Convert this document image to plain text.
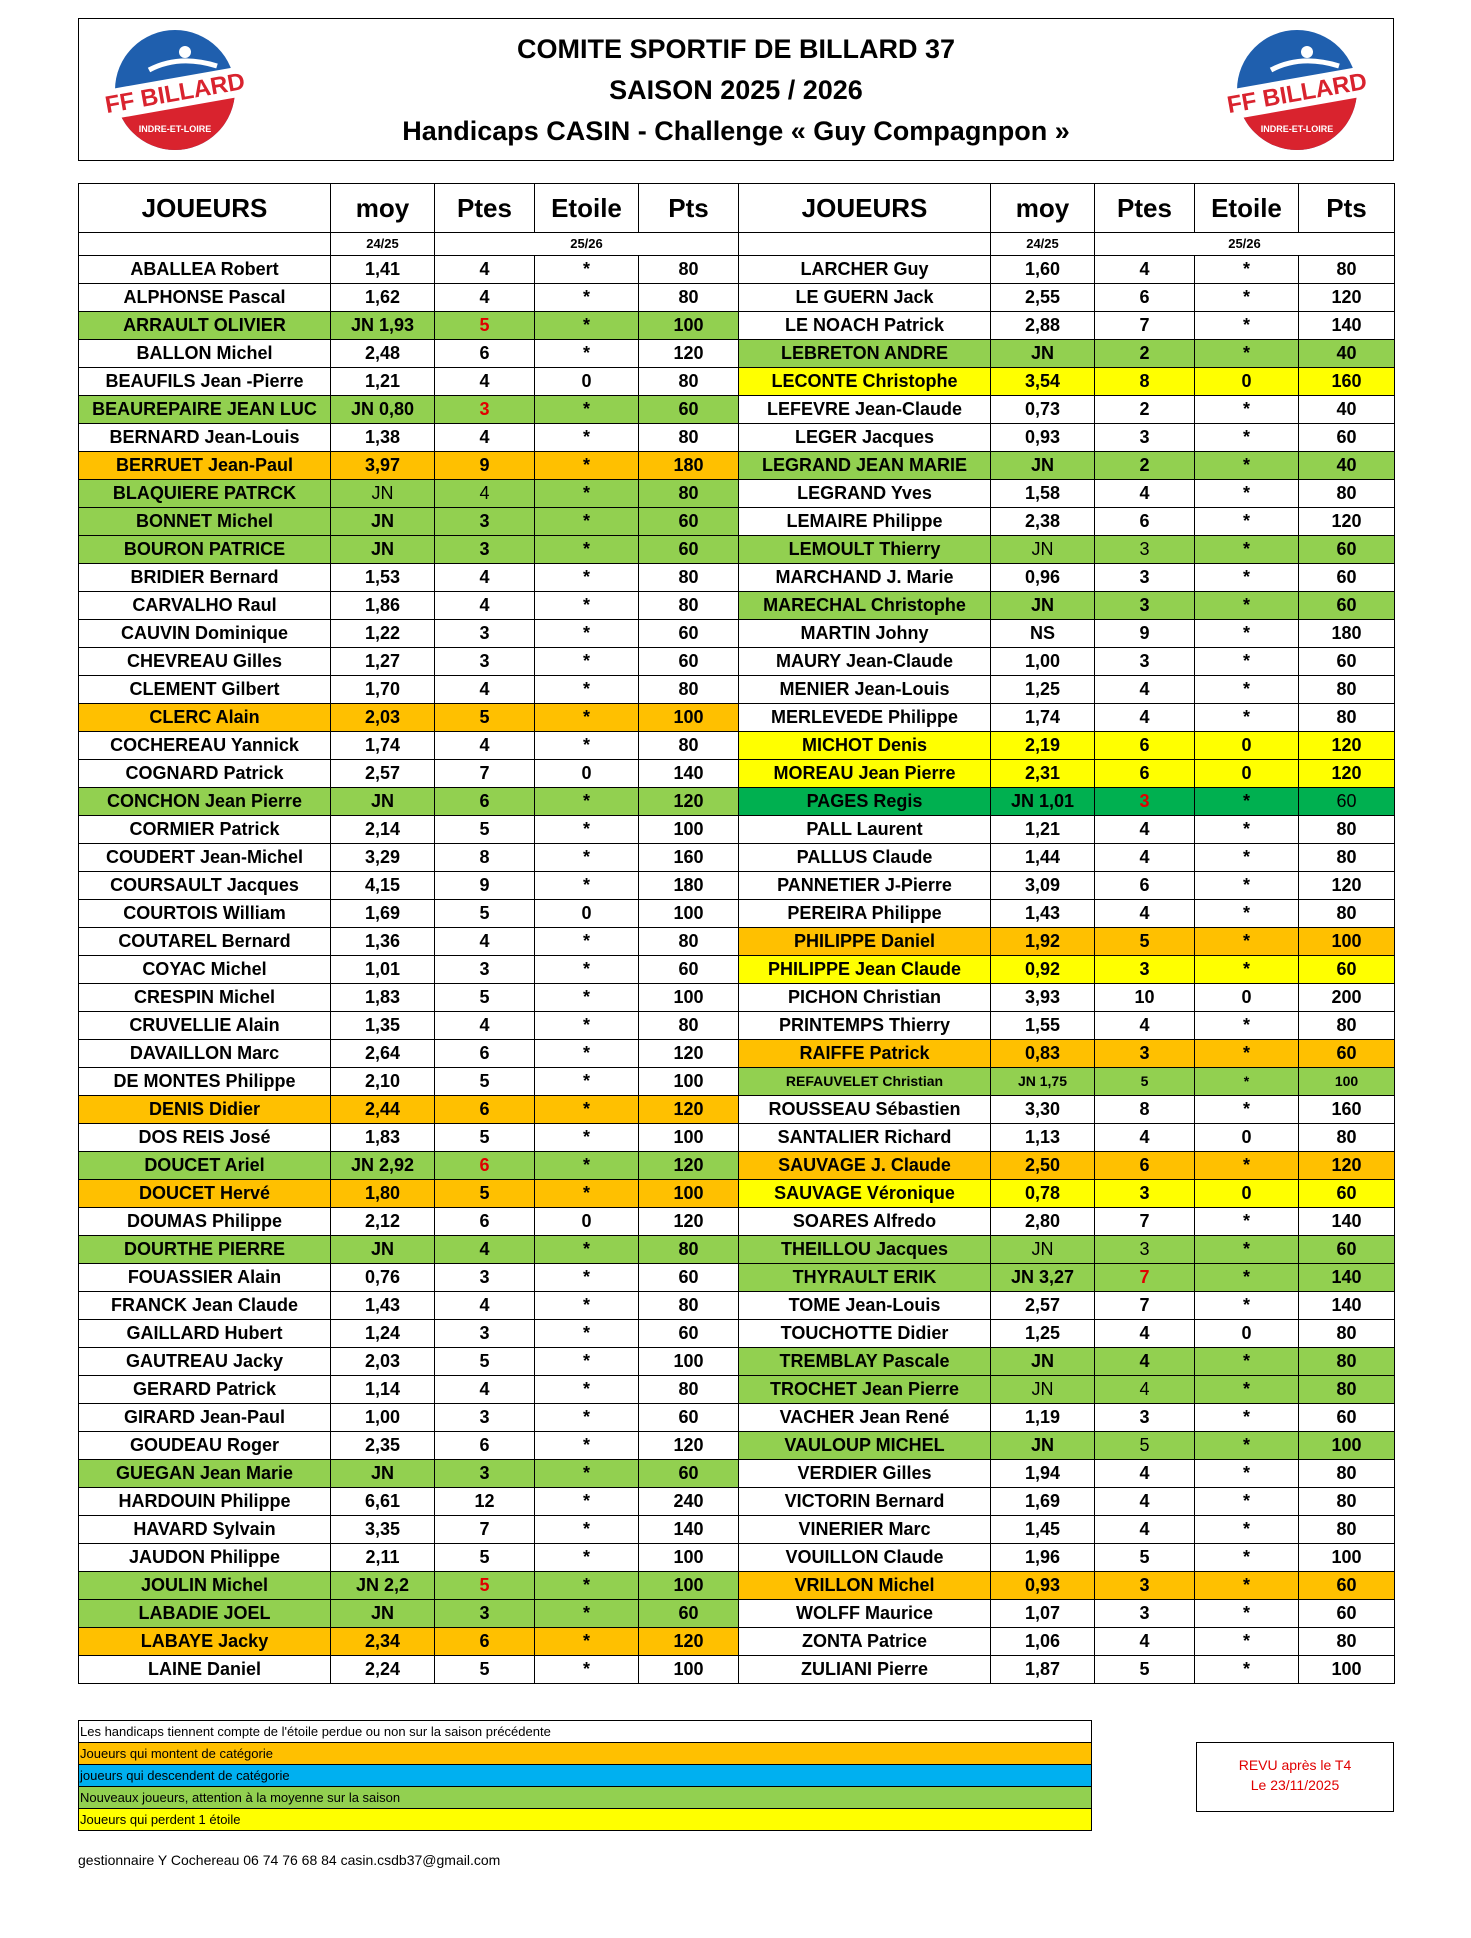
FF BILLARD
INDRE-ET-LOIRE
COMITE SPORTIF DE BILLARD 37
SAISON 2025 / 2026
Handicaps CASIN - Challenge « Guy Compagnpon »
FF BILLARD
INDRE-ET-LOIRE
JOUEURS	moy	Ptes	Etoile	Pts	JOUEURS	moy	Ptes	Etoile	Pts
	24/25	25/26				24/25	25/26		
ABALLEA Robert	1,41	4	*	80	LARCHER Guy	1,60	4	*	80
ALPHONSE Pascal	1,62	4	*	80	LE GUERN Jack	2,55	6	*	120
ARRAULT OLIVIER	JN 1,93	5	*	100	LE NOACH Patrick	2,88	7	*	140
BALLON Michel	2,48	6	*	120	LEBRETON ANDRE	JN	2	*	40
BEAUFILS Jean -Pierre	1,21	4	0	80	LECONTE Christophe	3,54	8	0	160
BEAUREPAIRE JEAN LUC	JN 0,80	3	*	60	LEFEVRE Jean-Claude	0,73	2	*	40
BERNARD Jean-Louis	1,38	4	*	80	LEGER Jacques	0,93	3	*	60
BERRUET Jean-Paul	3,97	9	*	180	LEGRAND JEAN MARIE	JN	2	*	40
BLAQUIERE PATRCK	JN	4	*	80	LEGRAND Yves	1,58	4	*	80
BONNET Michel	JN	3	*	60	LEMAIRE Philippe	2,38	6	*	120
BOURON PATRICE	JN	3	*	60	LEMOULT Thierry	JN	3	*	60
BRIDIER Bernard	1,53	4	*	80	MARCHAND J. Marie	0,96	3	*	60
CARVALHO Raul	1,86	4	*	80	MARECHAL Christophe	JN	3	*	60
CAUVIN Dominique	1,22	3	*	60	MARTIN Johny	NS	9	*	180
CHEVREAU Gilles	1,27	3	*	60	MAURY Jean-Claude	1,00	3	*	60
CLEMENT Gilbert	1,70	4	*	80	MENIER Jean-Louis	1,25	4	*	80
CLERC Alain	2,03	5	*	100	MERLEVEDE Philippe	1,74	4	*	80
COCHEREAU Yannick	1,74	4	*	80	MICHOT Denis	2,19	6	0	120
COGNARD Patrick	2,57	7	0	140	MOREAU Jean Pierre	2,31	6	0	120
CONCHON Jean Pierre	JN	6	*	120	PAGES Regis	JN 1,01	3	*	60
CORMIER Patrick	2,14	5	*	100	PALL Laurent	1,21	4	*	80
COUDERT Jean-Michel	3,29	8	*	160	PALLUS Claude	1,44	4	*	80
COURSAULT Jacques	4,15	9	*	180	PANNETIER J-Pierre	3,09	6	*	120
COURTOIS William	1,69	5	0	100	PEREIRA Philippe	1,43	4	*	80
COUTAREL Bernard	1,36	4	*	80	PHILIPPE Daniel	1,92	5	*	100
COYAC Michel	1,01	3	*	60	PHILIPPE Jean Claude	0,92	3	*	60
CRESPIN Michel	1,83	5	*	100	PICHON Christian	3,93	10	0	200
CRUVELLIE Alain	1,35	4	*	80	PRINTEMPS Thierry	1,55	4	*	80
DAVAILLON Marc	2,64	6	*	120	RAIFFE Patrick	0,83	3	*	60
DE MONTES Philippe	2,10	5	*	100	REFAUVELET Christian	JN 1,75	5	*	100
DENIS Didier	2,44	6	*	120	ROUSSEAU Sébastien	3,30	8	*	160
DOS REIS José	1,83	5	*	100	SANTALIER Richard	1,13	4	0	80
DOUCET Ariel	JN 2,92	6	*	120	SAUVAGE J. Claude	2,50	6	*	120
DOUCET Hervé	1,80	5	*	100	SAUVAGE Véronique	0,78	3	0	60
DOUMAS Philippe	2,12	6	0	120	SOARES Alfredo	2,80	7	*	140
DOURTHE PIERRE	JN	4	*	80	THEILLOU Jacques	JN	3	*	60
FOUASSIER Alain	0,76	3	*	60	THYRAULT ERIK	JN 3,27	7	*	140
FRANCK Jean Claude	1,43	4	*	80	TOME Jean-Louis	2,57	7	*	140
GAILLARD Hubert	1,24	3	*	60	TOUCHOTTE Didier	1,25	4	0	80
GAUTREAU Jacky	2,03	5	*	100	TREMBLAY Pascale	JN	4	*	80
GERARD Patrick	1,14	4	*	80	TROCHET Jean Pierre	JN	4	*	80
GIRARD Jean-Paul	1,00	3	*	60	VACHER Jean René	1,19	3	*	60
GOUDEAU Roger	2,35	6	*	120	VAULOUP MICHEL	JN	5	*	100
GUEGAN Jean Marie	JN	3	*	60	VERDIER Gilles	1,94	4	*	80
HARDOUIN Philippe	6,61	12	*	240	VICTORIN Bernard	1,69	4	*	80
HAVARD Sylvain	3,35	7	*	140	VINERIER Marc	1,45	4	*	80
JAUDON Philippe	2,11	5	*	100	VOUILLON Claude	1,96	5	*	100
JOULIN Michel	JN 2,2	5	*	100	VRILLON Michel	0,93	3	*	60
LABADIE JOEL	JN	3	*	60	WOLFF Maurice	1,07	3	*	60
LABAYE Jacky	2,34	6	*	120	ZONTA Patrice	1,06	4	*	80
LAINE Daniel	2,24	5	*	100	ZULIANI Pierre	1,87	5	*	100
Les handicaps tiennent compte de l'étoile perdue ou non sur la saison précédente
Joueurs qui montent de catégorie
joueurs qui descendent de catégorie
Nouveaux joueurs, attention à la moyenne sur la saison
Joueurs qui perdent 1 étoile
REVU après le T4
Le 23/11/2025
gestionnaire Y Cochereau 06 74 76 68 84 casin.csdb37@gmail.com
